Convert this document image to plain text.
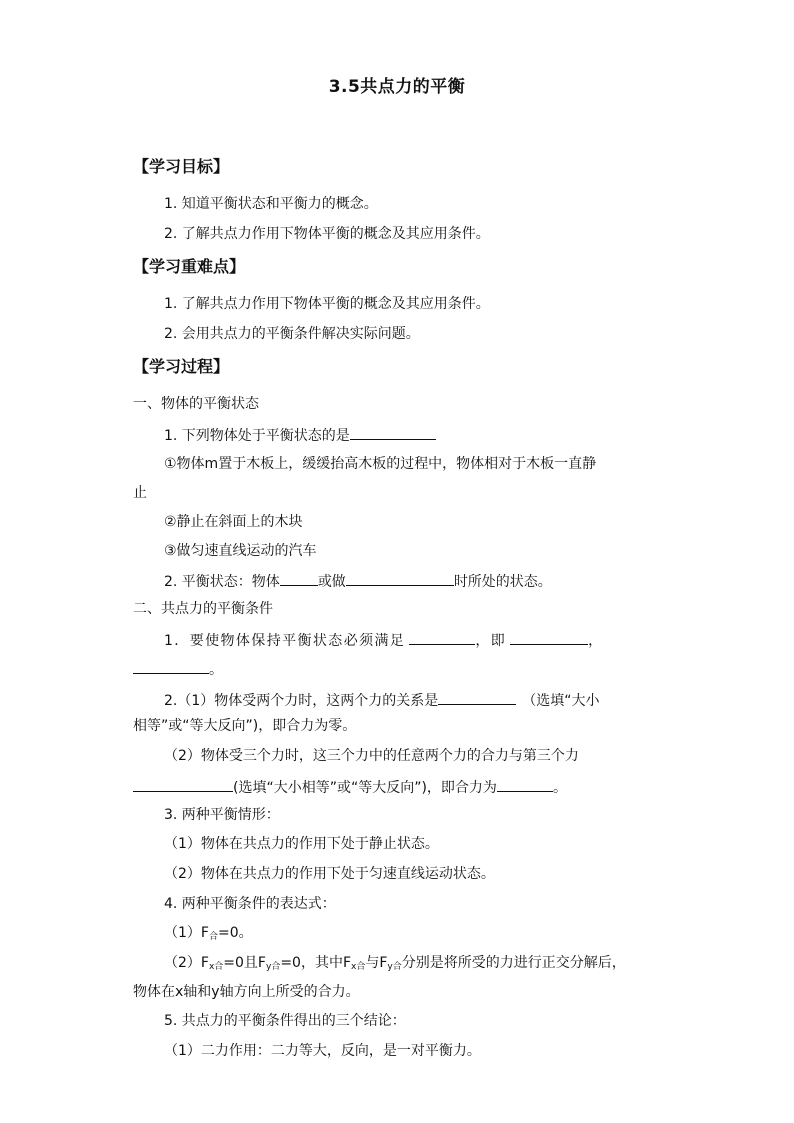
3.5共点力的平衡
【学习目标】
1. 知道平衡状态和平衡力的概念。
2. 了解共点力作用下物体平衡的概念及其应用条件。
【学习重难点】
1. 了解共点力作用下物体平衡的概念及其应用条件。
2. 会用共点力的平衡条件解决实际问题。
【学习过程】
一、物体的平衡状态
1. 下列物体处于平衡状态的是
①物体m置于木板上，缓缓抬高木板的过程中，物体相对于木板一直静
止
②静止在斜面上的木块
③做匀速直线运动的汽车
2. 平衡状态：物体	或做	时所处的状态。
二、共点力的平衡条件
1．要使物体保持平衡状态必须满足	，即	，
。
2.（1）物体受两个力时，这两个力的关系是	（选填“大小
相等”或“等大反向”)，即合力为零。
（2）物体受三个力时，这三个力中的任意两个力的合力与第三个力
(选填“大小相等”或“等大反向”)，即合力为	。
3. 两种平衡情形：
（1）物体在共点力的作用下处于静止状态。
（2）物体在共点力的作用下处于匀速直线运动状态。
4. 两种平衡条件的表达式：
$(1)F_合=0$。
$(2)F_{x合}=0$且$F_{y合}=0$，其中$F_{x合}$与$F_{y合}$分别是将所受的力进行正交分解后，
物体在x轴和y轴方向上所受的合力。
5. 共点力的平衡条件得出的三个结论：
（1）二力作用：二力等大，反向，是一对平衡力。
